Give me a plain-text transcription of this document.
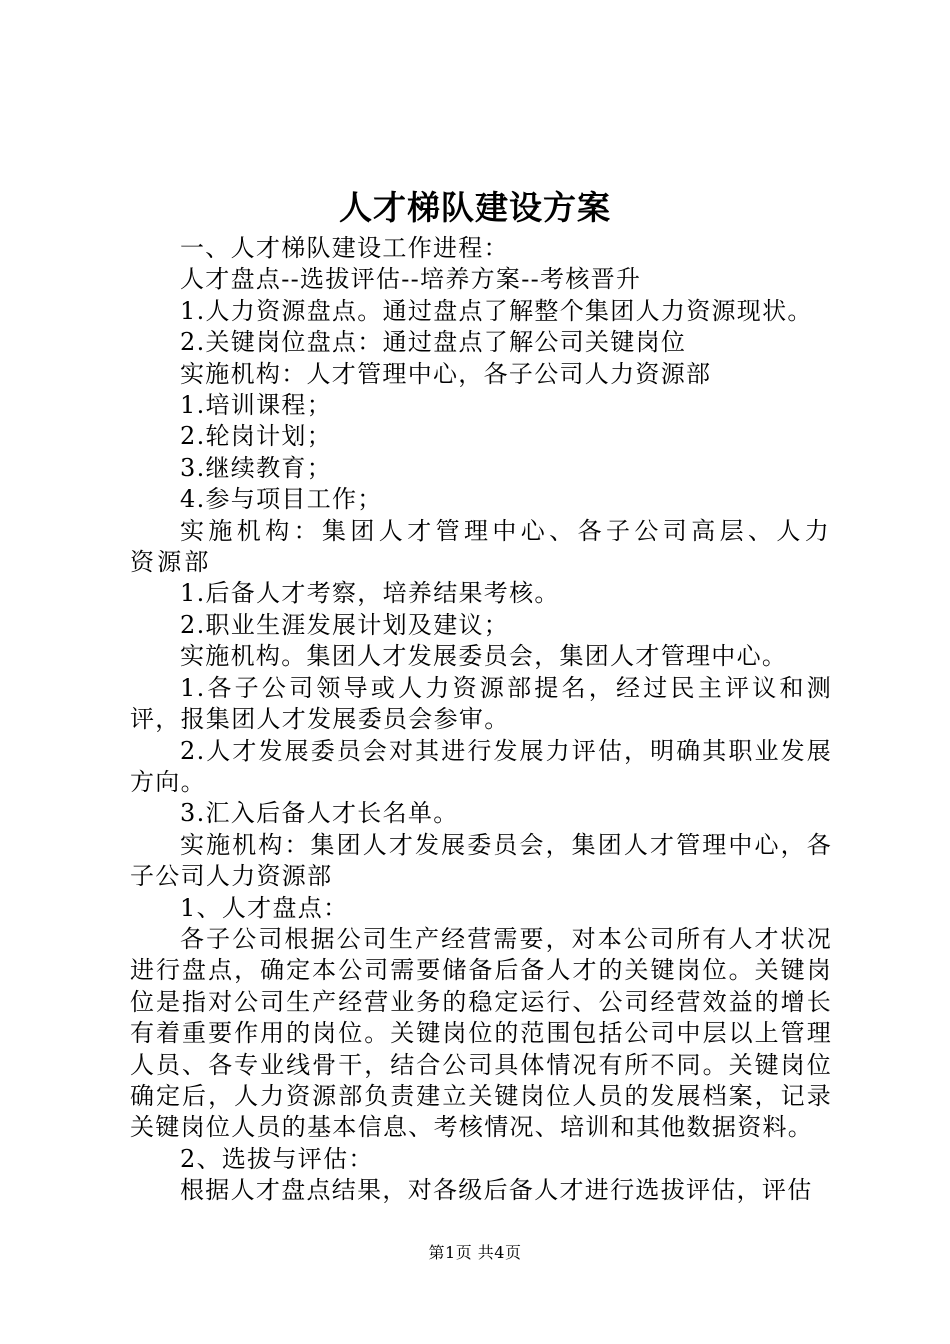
人才梯队建设方案

一、人才梯队建设工作进程：

人才盘点--选拔评估--培养方案--考核晋升

1.人力资源盘点。通过盘点了解整个集团人力资源现状。

2.关键岗位盘点：通过盘点了解公司关键岗位

实施机构：人才管理中心，各子公司人力资源部

1.培训课程；

2.轮岗计划；

3.继续教育；

4.参与项目工作；

实施机构：集团人才管理中心、各子公司高层、人力资源部

1.后备人才考察，培养结果考核。

2.职业生涯发展计划及建议；

实施机构。集团人才发展委员会，集团人才管理中心。

1.各子公司领导或人力资源部提名，经过民主评议和测评，报集团人才发展委员会参审。

2.人才发展委员会对其进行发展力评估，明确其职业发展方向。

3.汇入后备人才长名单。

实施机构：集团人才发展委员会，集团人才管理中心，各子公司人力资源部

1、人才盘点：

各子公司根据公司生产经营需要，对本公司所有人才状况进行盘点，确定本公司需要储备后备人才的关键岗位。关键岗位是指对公司生产经营业务的稳定运行、公司经营效益的增长有着重要作用的岗位。关键岗位的范围包括公司中层以上管理人员、各专业线骨干，结合公司具体情况有所不同。关键岗位确定后，人力资源部负责建立关键岗位人员的发展档案，记录关键岗位人员的基本信息、考核情况、培训和其他数据资料。

2、选拔与评估：

根据人才盘点结果，对各级后备人才进行选拔评估，评估

第1页 共4页
